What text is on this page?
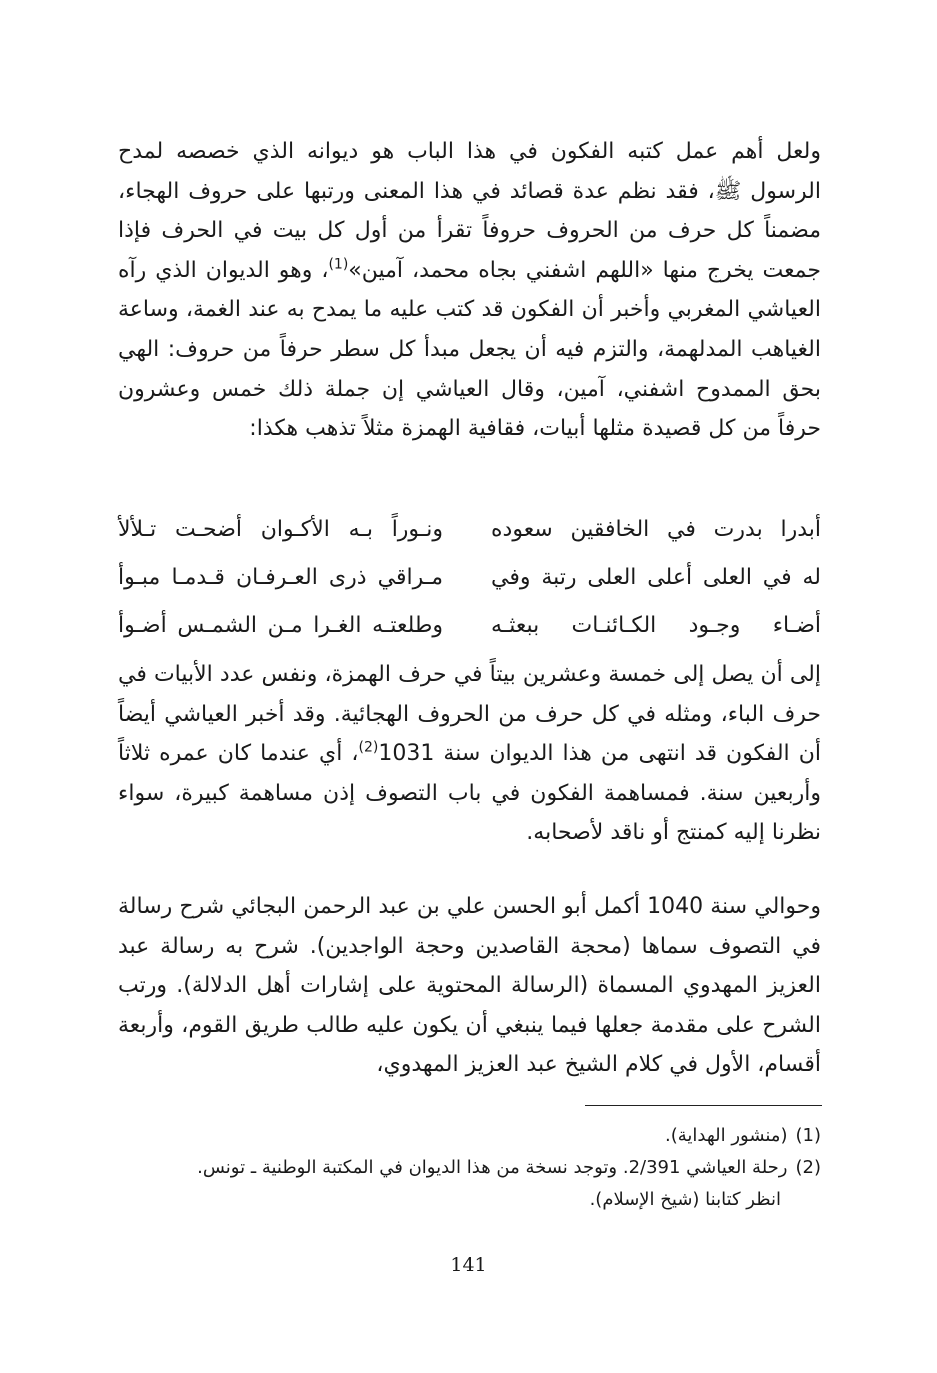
ولعل أهم عمل كتبه الفكون في هذا الباب هو ديوانه الذي خصصه لمدح الرسول ﷺ، فقد نظم عدة قصائد في هذا المعنى ورتبها على حروف الهجاء، مضمناً كل حرف من الحروف حروفاً تقرأ من أول كل بيت في الحرف فإذا جمعت يخرج منها «اللهم اشفني بجاه محمد، آمين»$^{(1)}$، وهو الديوان الذي رآه العياشي المغربي وأخبر أن الفكون قد كتب عليه ما يمدح به عند الغمة، وساعة الغياهب المدلهمة، والتزم فيه أن يجعل مبدأ كل سطر حرفاً من حروف: الهي بحق الممدوح اشفني، آمين، وقال العياشي إن جملة ذلك خمس وعشرون حرفاً من كل قصيدة مثلها أبيات، فقافية الهمزة مثلاً تذهب هكذا:

أبدرا بدرت في الخافقين سعوده
ونـوراً بـه الأكـوان أضحـت تـلألأ
له في العلى أعلى العلى رتبة وفي
مـراقي ذرى العـرفـان قـدمـا مبـوأ
أضـاء وجـود الكـائنـات ببعثـه
وطلعتـه الغـرا مـن الشمـس أضـوأ

إلى أن يصل إلى خمسة وعشرين بيتاً في حرف الهمزة، ونفس عدد الأبيات في حرف الباء، ومثله في كل حرف من الحروف الهجائية. وقد أخبر العياشي أيضاً أن الفكون قد انتهى من هذا الديوان سنة 1031$^{(2)}$، أي عندما كان عمره ثلاثاً وأربعين سنة. فمساهمة الفكون في باب التصوف إذن مساهمة كبيرة، سواء نظرنا إليه كمنتج أو ناقد لأصحابه.

وحوالي سنة 1040 أكمل أبو الحسن علي بن عبد الرحمن البجائي شرح رسالة في التصوف سماها (محجة القاصدين وحجة الواجدين). شرح به رسالة عبد العزيز المهدوي المسماة (الرسالة المحتوية على إشارات أهل الدلالة). ورتب الشرح على مقدمة جعلها فيما ينبغي أن يكون عليه طالب طريق القوم، وأربعة أقسام، الأول في كلام الشيخ عبد العزيز المهدوي،

(1)(منشور الهداية).

(2)رحلة العياشي 2/391. وتوجد نسخة من هذا الديوان في المكتبة الوطنية ـ تونس.
انظر كتابنا (شيخ الإسلام).

141
